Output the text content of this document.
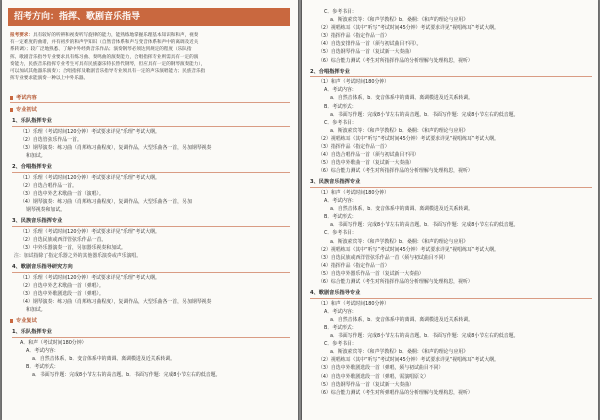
招考方向：指挥、歌剧音乐指导
报考要求：具有较好的听辨和视奏听写旋律的能力，能熟练地掌握乐理基本知识和和声，视奏
有一定难度的曲谱，并有初步的和声学知识（自然音体系和声与变音体系和声中的离调及近关
系转调）；较广泛地熟悉、了解中外经典音乐作品；演奏钢琴必须达到规定的程度（乐队指
挥、歌剧音乐指导专业要求具有练习曲、奏鸣曲的演奏能力，合唱指挥专业则需具有一定的演
奏能力，民族音乐指挥专业考生可具有民族器乐特长替代钢琴，但应具有一定的钢琴演奏能力），
可以加试其他器乐演奏）；合唱指挥及歌剧音乐指导专业须具有一定的声乐演唱能力；民族音乐指
挥专业要求能演奏一种以上中外乐器。
考试内容
专业初试
1、乐队指挥专业
（1）乐理（考试时间120分钟）考试要求详见“乐理”考试大纲。
（2）自选管弦乐作品一首。
（3）钢琴演奏：练习曲（肖邦练习曲程度），复调作品，大型乐曲各一首，另加钢琴视奏
和加试。
2、合唱指挥专业
（1）乐理（考试时间120分钟）考试要求详见“乐理”考试大纲。
（2）自选合唱作品一首。
（3）自选中外艺术歌曲一首（演唱）。
（4）钢琴演奏：练习曲（肖邦练习曲程度），复调作品，大型乐曲各一首，另加
钢琴视奏和加试。
3、民族音乐指挥专业
（1）乐理（考试时间120分钟）考试要求详见“乐理”考试大纲。
（2）自选民族或西洋管弦乐作品一首。
（3）中外乐器演奏一首，另加器乐视奏和加试。
注：加试指除了指定乐器之外的其他器乐演奏或声乐演唱。
4、歌剧音乐指导研究方向
（1）乐理（考试时间120分钟）考试要求详见“乐理”考试大纲。
（2）自选中外艺术歌曲一首（弹唱）。
（3）自选中外歌剧选段一首（弹唱）。
（4）钢琴演奏：练习曲（肖邦练习曲程度），复调作品，大型乐曲各一首，另加钢琴视奏
和加试。
专业复试
1、乐队指挥专业
A．和声（考试时间180分钟）
A．考试内容：
a．自然音体系，b．变音体系中的离调、离调模进及近关系转调。
B．考试形式：
a．书面写作题：完成8小节左右的高音题。b．书面写作题：完成8小节左右的低音题。
C．参考书目：
a．斯波索宾等：《和声学教程》b．桑桐：《和声的理论与应用》
（2）视唱练耳（其中“听写”考试时间45分钟）考试要求详见“视唱练耳”考试大纲。
（3）指挥作品（指定作品一首）
（4）自选安排作品一首（须与初试曲目不同）。
（5）自选钢琴作品一首（复试新一大奏曲）
（6）综合能力测试（考生对所指挥作品的分析理解与处理构思，视听）
2、合唱指挥专业
（1）和声（考试时间180分钟）
A．考试内容：
a．自然音体系，b．变音体系中的离调、离调模进及近关系转调。
B．考试形式：
a．书面写作题：完成8小节左右的高音题。b．书面写作题：完成8小节左右的低音题。
C．参考书目：
a．斯波索宾等：《和声学教程》b．桑桐：《和声的理论与应用》
（2）视唱练耳（其中“听写”考试时间45分钟）考试要求详见“视唱练耳”考试大纲。
（3）指挥作品（指定作品一首）
（4）自选合唱作品一首（须与初试曲目不同）
（5）自选中外歌曲一首（复试新一大奏曲）
（6）综合能力测试（考生对所指挥作品的分析理解与处理构思，视听）
3、民族音乐指挥专业
（1）和声（考试时间180分钟）
A．考试内容：
a．自然音体系，b．变音体系中的离调、离调模进及近关系转调。
B．考试形式：
a．书面写作题：完成8小节左右的高音题。b．书面写作题：完成8小节左右的低音题。
C．参考书目：
a．斯波索宾等：《和声学教程》b．桑桐：《和声的理论与应用》
（2）视唱练耳（其中“听写”考试时间45分钟）考试要求详见“视唱练耳”考试大纲。
（3）自选民族或西洋管弦乐作品一首（须与初试曲目不同）
（4）指挥作品（指定作品一首）
（5）自选中外器乐作品一首（复试新一大奏曲）
（6）综合能力测试（考生对所指挥作品的分析理解与处理构思，视听）
4、歌剧音乐指导专业
（1）和声（考试时间180分钟）
A．考试内容：
a．自然音体系，b．变音体系中的离调、离调模进及近关系转调。
B．考试形式：
a．书面写作题：完成8小节左右的高音题。b．书面写作题：完成8小节左右的低音题。
C．参考书目：
a．斯波索宾等：《和声学教程》b．桑桐：《和声的理论与应用》
（2）视唱练耳（其中“听写”考试时间45分钟）考试要求详见“视唱练耳”考试大纲。
（3）自选中外歌剧选段一首（弹唱，须与初试曲目不同）
（4）自选中外歌剧选段一首（弹唱，需演唱原文）
（5）自选钢琴作品一首（复试新一大奏曲）
（6）综合能力测试（考生对所弹唱作品的分析理解与处理构思，视听）
